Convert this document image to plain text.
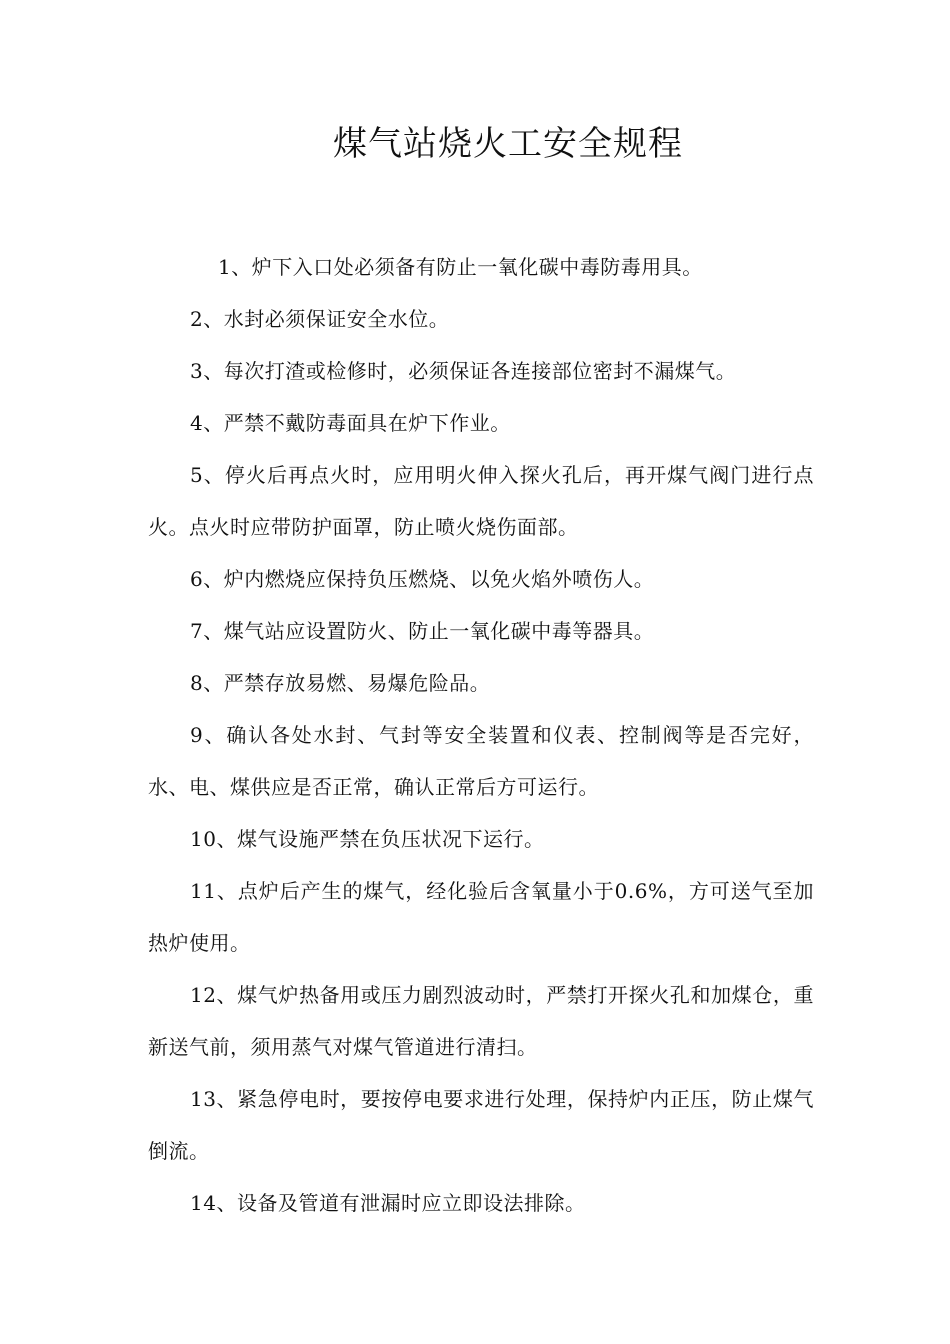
煤气站烧火工安全规程

1、炉下入口处必须备有防止一氧化碳中毒防毒用具。

2、水封必须保证安全水位。

3、每次打渣或检修时，必须保证各连接部位密封不漏煤气。

4、严禁不戴防毒面具在炉下作业。

5、停火后再点火时，应用明火伸入探火孔后，再开煤气阀门进行点火。点火时应带防护面罩，防止喷火烧伤面部。

6、炉内燃烧应保持负压燃烧、以免火焰外喷伤人。

7、煤气站应设置防火、防止一氧化碳中毒等器具。

8、严禁存放易燃、易爆危险品。

9、确认各处水封、气封等安全装置和仪表、控制阀等是否完好，水、电、煤供应是否正常，确认正常后方可运行。

10、煤气设施严禁在负压状况下运行。

11、点炉后产生的煤气，经化验后含氧量小于0.6%，方可送气至加热炉使用。

12、煤气炉热备用或压力剧烈波动时，严禁打开探火孔和加煤仓，重新送气前，须用蒸气对煤气管道进行清扫。

13、紧急停电时，要按停电要求进行处理，保持炉内正压，防止煤气倒流。

14、设备及管道有泄漏时应立即设法排除。
